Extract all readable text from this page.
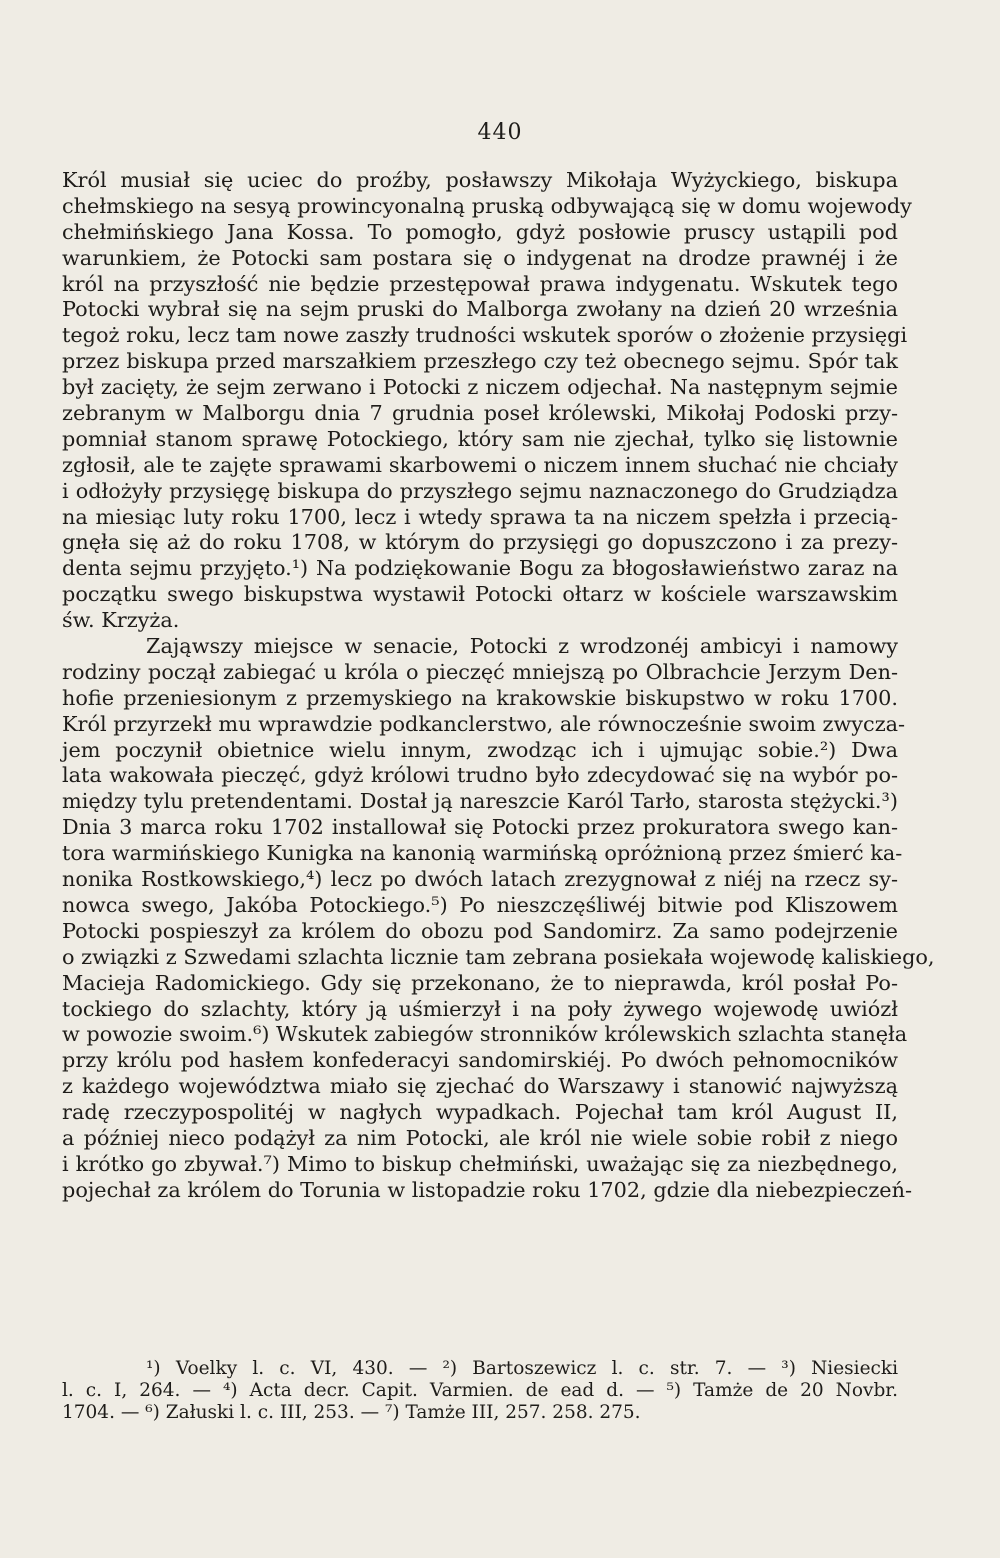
440
Król musiał się uciec do proźby, posławszy Mikołaja Wyżyckiego, biskupa
chełmskiego na sesyą prowincyonalną pruską odbywającą się w domu wojewody
chełmińskiego Jana Kossa. To pomogło, gdyż posłowie pruscy ustąpili pod
warunkiem, że Potocki sam postara się o indygenat na drodze prawnéj i że
król na przyszłość nie będzie przestępował prawa indygenatu. Wskutek tego
Potocki wybrał się na sejm pruski do Malborga zwołany na dzień 20 września
tegoż roku, lecz tam nowe zaszły trudności wskutek sporów o złożenie przysięgi
przez biskupa przed marszałkiem przeszłego czy też obecnego sejmu. Spór tak
był zacięty, że sejm zerwano i Potocki z niczem odjechał. Na następnym sejmie
zebranym w Malborgu dnia 7 grudnia poseł królewski, Mikołaj Podoski przy-
pomniał stanom sprawę Potockiego, który sam nie zjechał, tylko się listownie
zgłosił, ale te zajęte sprawami skarbowemi o niczem innem słuchać nie chciały
i odłożyły przysięgę biskupa do przyszłego sejmu naznaczonego do Grudziądza
na miesiąc luty roku 1700, lecz i wtedy sprawa ta na niczem spełzła i przecią-
gnęła się aż do roku 1708, w którym do przysięgi go dopuszczono i za prezy-
denta sejmu przyjęto.¹) Na podziękowanie Bogu za błogosławieństwo zaraz na
początku swego biskupstwa wystawił Potocki ołtarz w kościele warszawskim
św. Krzyża.
Zająwszy miejsce w senacie, Potocki z wrodzonéj ambicyi i namowy
rodziny począł zabiegać u króla o pieczęć mniejszą po Olbrachcie Jerzym Den-
hofie przeniesionym z przemyskiego na krakowskie biskupstwo w roku 1700.
Król przyrzekł mu wprawdzie podkanclerstwo, ale równocześnie swoim zwycza-
jem poczynił obietnice wielu innym, zwodząc ich i ujmując sobie.²) Dwa
lata wakowała pieczęć, gdyż królowi trudno było zdecydować się na wybór po-
między tylu pretendentami. Dostał ją nareszcie Karól Tarło, starosta stężycki.³)
Dnia 3 marca roku 1702 installował się Potocki przez prokuratora swego kan-
tora warmińskiego Kunigka na kanonią warmińską opróżnioną przez śmierć ka-
nonika Rostkowskiego,⁴) lecz po dwóch latach zrezygnował z niéj na rzecz sy-
nowca swego, Jakóba Potockiego.⁵) Po nieszczęśliwéj bitwie pod Kliszowem
Potocki pospieszył za królem do obozu pod Sandomirz. Za samo podejrzenie
o związki z Szwedami szlachta licznie tam zebrana posiekała wojewodę kaliskiego,
Macieja Radomickiego. Gdy się przekonano, że to nieprawda, król posłał Po-
tockiego do szlachty, który ją uśmierzył i na poły żywego wojewodę uwiózł
w powozie swoim.⁶) Wskutek zabiegów stronników królewskich szlachta stanęła
przy królu pod hasłem konfederacyi sandomirskiéj. Po dwóch pełnomocników
z każdego województwa miało się zjechać do Warszawy i stanowić najwyższą
radę rzeczypospolitéj w nagłych wypadkach. Pojechał tam król August II,
a później nieco podążył za nim Potocki, ale król nie wiele sobie robił z niego
i krótko go zbywał.⁷) Mimo to biskup chełmiński, uważając się za niezbędnego,
pojechał za królem do Torunia w listopadzie roku 1702, gdzie dla niebezpieczeń-
¹) Voelky l. c. VI, 430. — ²) Bartoszewicz l. c. str. 7. — ³) Niesiecki
l. c. I, 264. — ⁴) Acta decr. Capit. Varmien. de ead d. — ⁵) Tamże de 20 Novbr.
1704. — ⁶) Załuski l. c. III, 253. — ⁷) Tamże III, 257. 258. 275.
